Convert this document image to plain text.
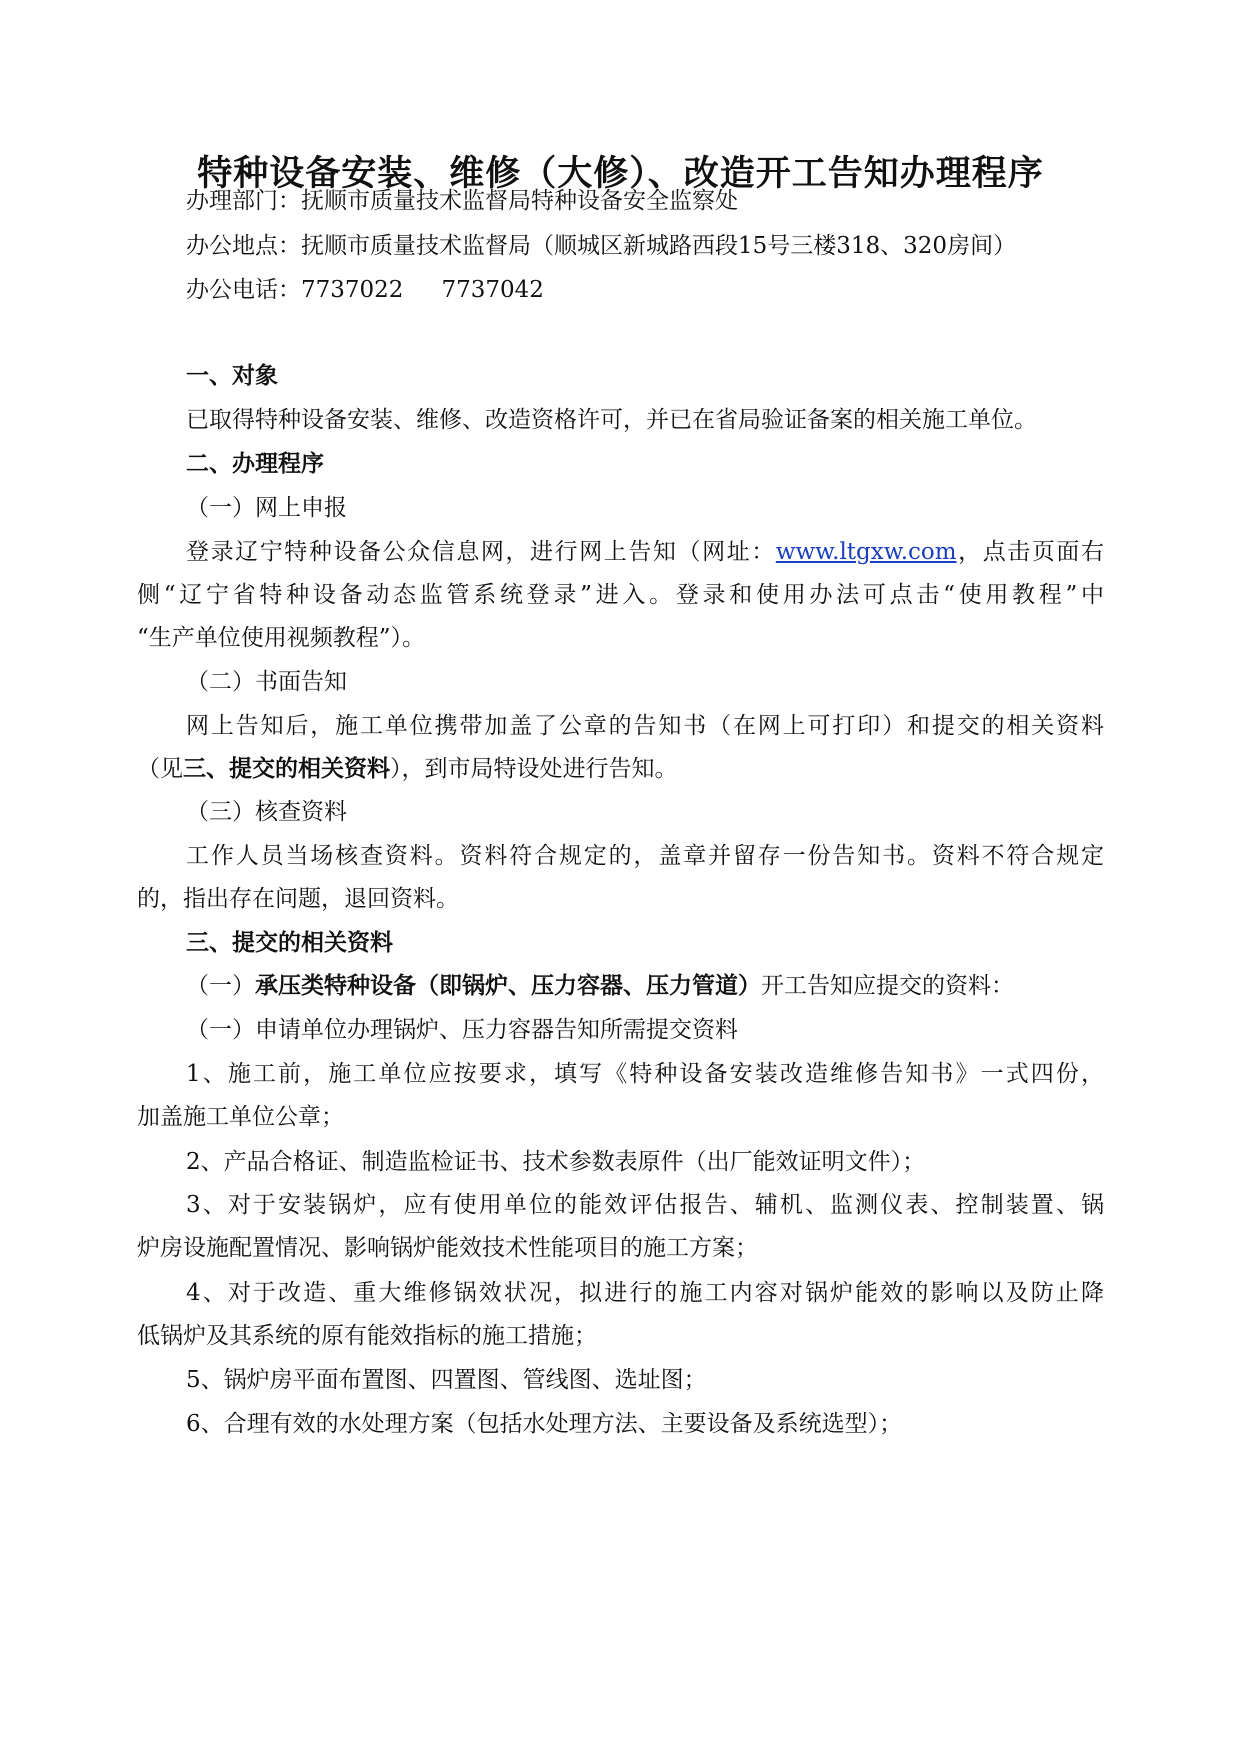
特种设备安装、维修（大修）、改造开工告知办理程序
办理部门：抚顺市质量技术监督局特种设备安全监察处
办公地点：抚顺市质量技术监督局（顺城区新城路西段15号三楼318、320房间）
办公电话：7737022 7737042
一、对象
已取得特种设备安装、维修、改造资格许可，并已在省局验证备案的相关施工单位。
二、办理程序
（一）网上申报
登录辽宁特种设备公众信息网，进行网上告知（网址：www.ltgxw.com，点击页面右
侧“辽宁省特种设备动态监管系统登录”进入。登录和使用办法可点击“使用教程”中
“生产单位使用视频教程”）。
（二）书面告知
网上告知后，施工单位携带加盖了公章的告知书（在网上可打印）和提交的相关资料
（见三、提交的相关资料），到市局特设处进行告知。
（三）核查资料
工作人员当场核查资料。资料符合规定的，盖章并留存一份告知书。资料不符合规定
的，指出存在问题，退回资料。
三、提交的相关资料
（一）承压类特种设备（即锅炉、压力容器、压力管道）开工告知应提交的资料：
（一）申请单位办理锅炉、压力容器告知所需提交资料
1、施工前，施工单位应按要求，填写《特种设备安装改造维修告知书》一式四份，
加盖施工单位公章；
2、产品合格证、制造监检证书、技术参数表原件（出厂能效证明文件）；
3、对于安装锅炉，应有使用单位的能效评估报告、辅机、监测仪表、控制装置、锅
炉房设施配置情况、影响锅炉能效技术性能项目的施工方案；
4、对于改造、重大维修锅效状况，拟进行的施工内容对锅炉能效的影响以及防止降
低锅炉及其系统的原有能效指标的施工措施；
5、锅炉房平面布置图、四置图、管线图、选址图；
6、合理有效的水处理方案（包括水处理方法、主要设备及系统选型）；
